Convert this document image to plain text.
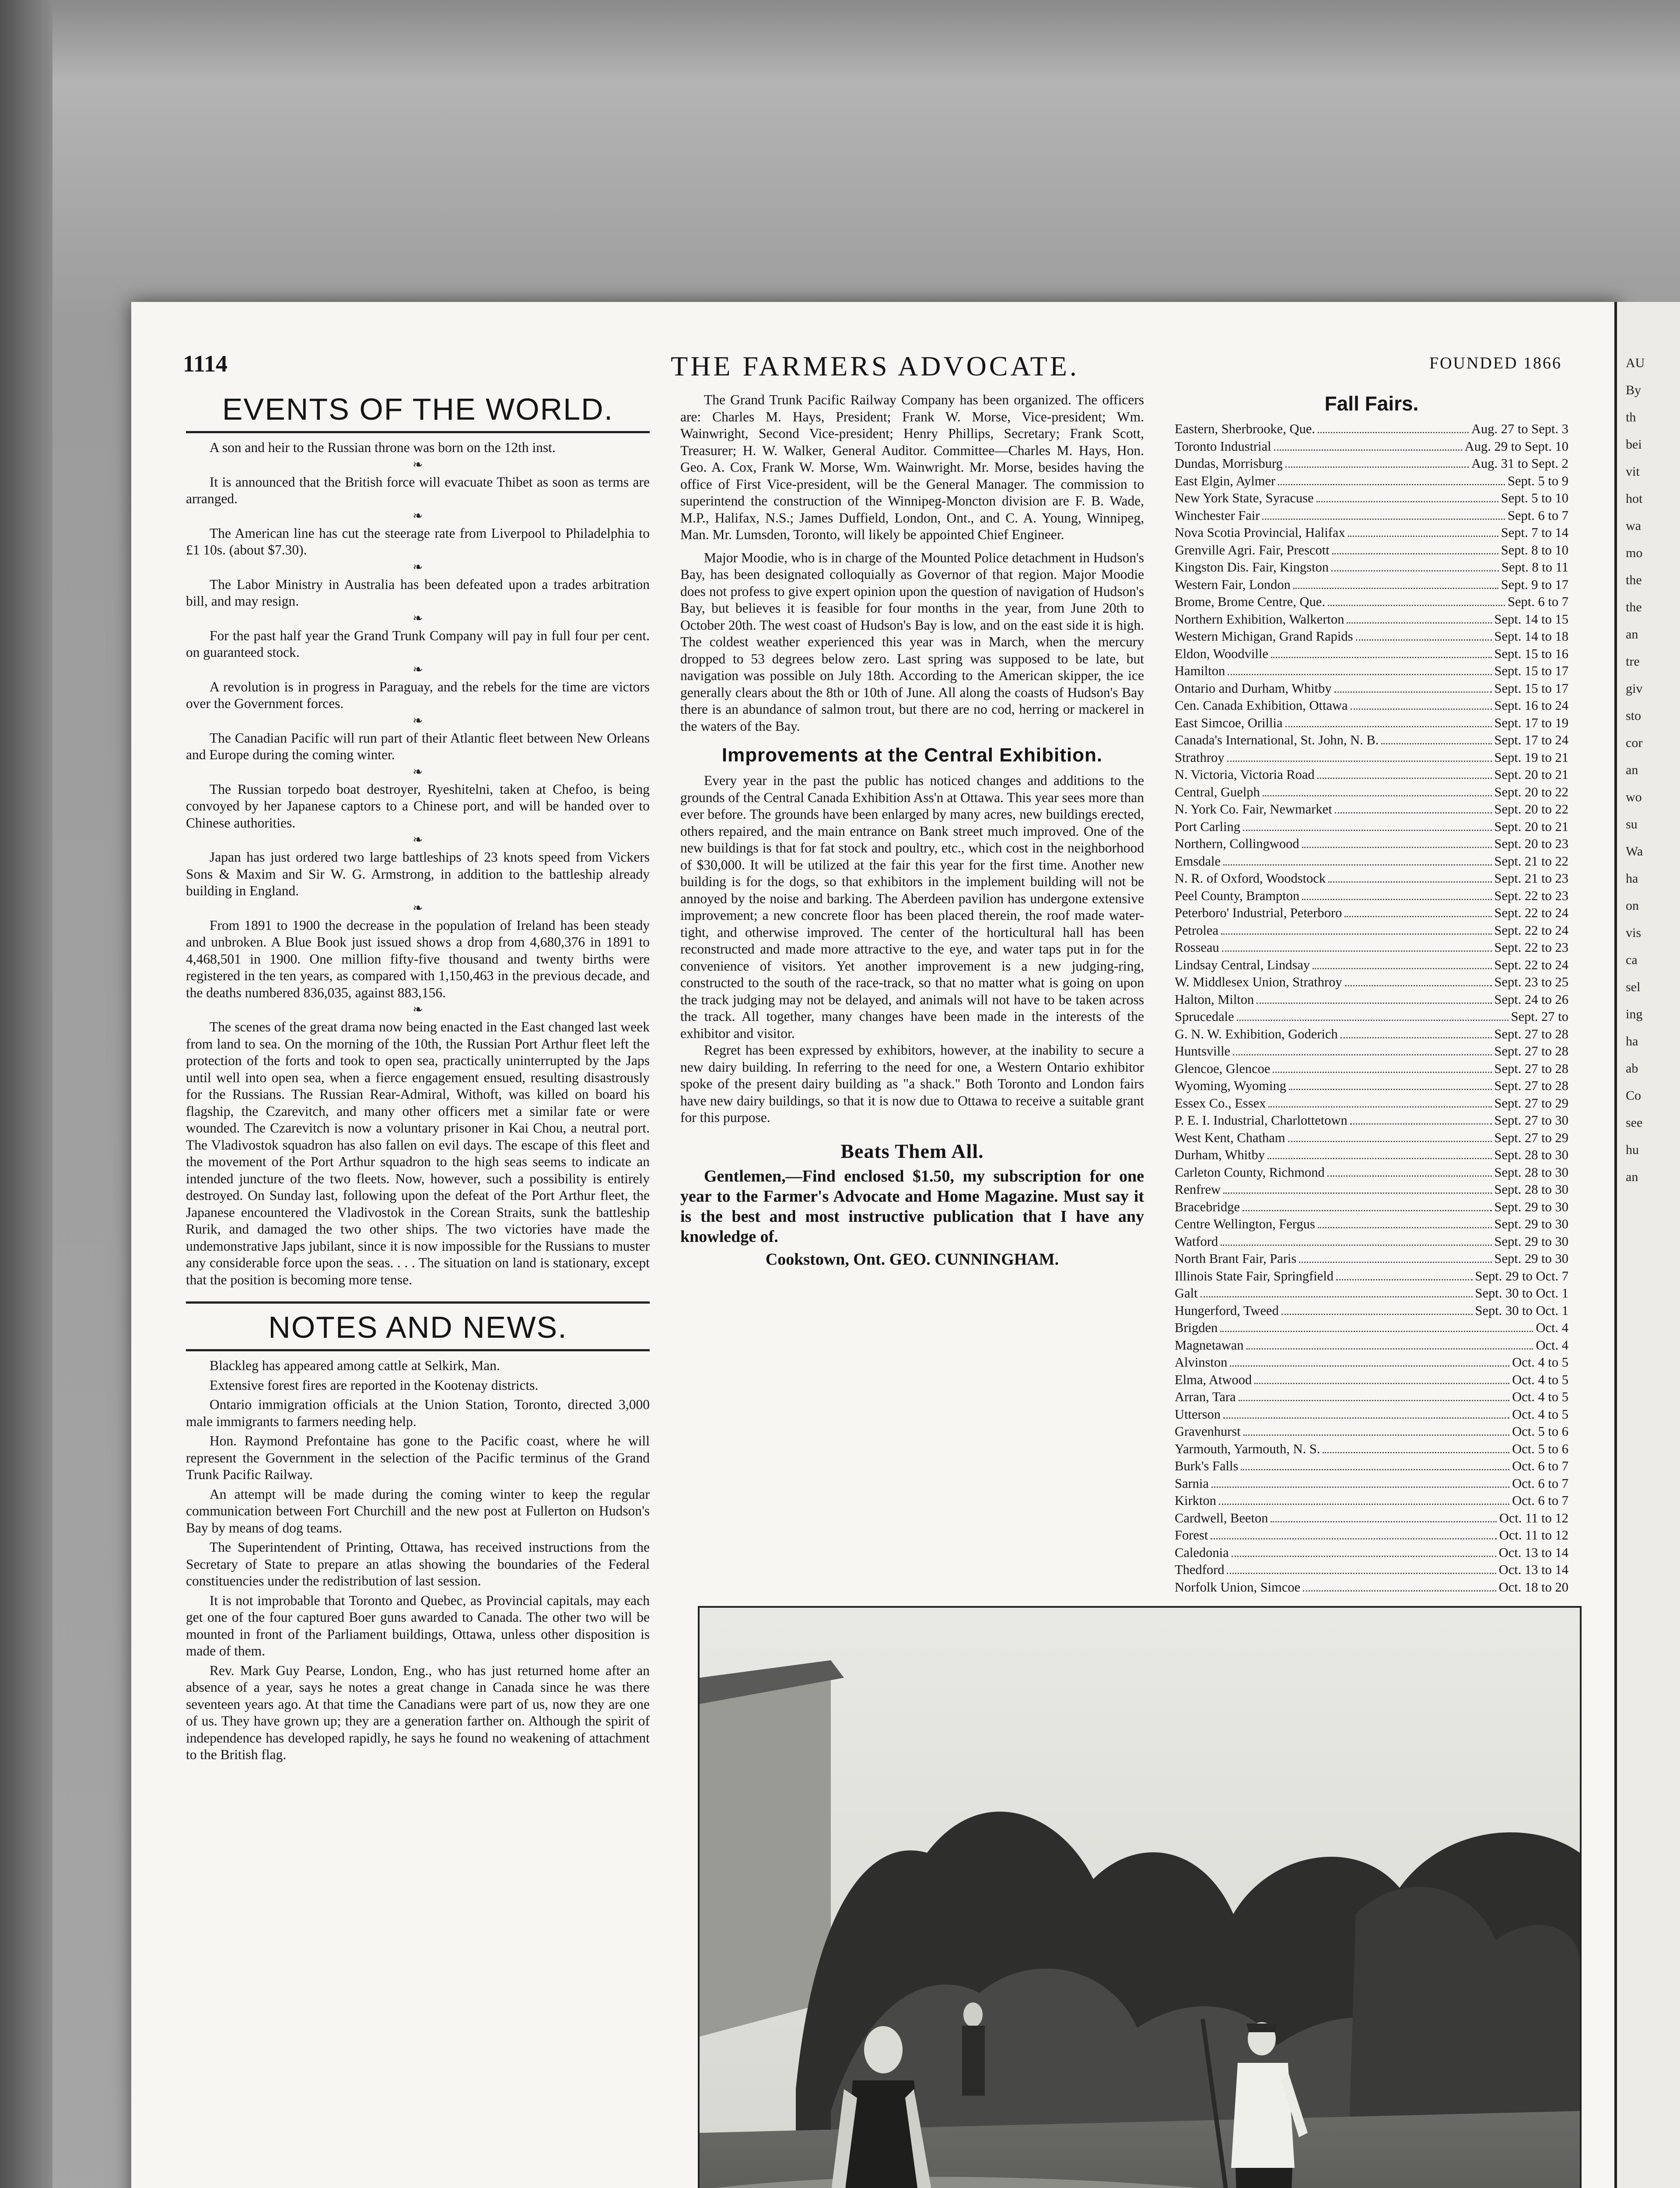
1114	THE FARMERS ADVOCATE.	FOUNDED 1866
EVENTS OF THE WORLD.

A son and heir to the Russian throne was born on the 12th inst.

❧

It is announced that the British force will evacuate Thibet as soon as terms are arranged.

❧

The American line has cut the steerage rate from Liverpool to Philadelphia to £1 10s. (about $7.30).

❧

The Labor Ministry in Australia has been defeated upon a trades arbitration bill, and may resign.

❧

For the past half year the Grand Trunk Company will pay in full four per cent. on guaranteed stock.

❧

A revolution is in progress in Paraguay, and the rebels for the time are victors over the Government forces.

❧

The Canadian Pacific will run part of their Atlantic fleet between New Orleans and Europe during the coming winter.

❧

The Russian torpedo boat destroyer, Ryeshitelni, taken at Chefoo, is being convoyed by her Japanese captors to a Chinese port, and will be handed over to Chinese authorities.

❧

Japan has just ordered two large battleships of 23 knots speed from Vickers Sons & Maxim and Sir W. G. Armstrong, in addition to the battleship already building in England.

❧

From 1891 to 1900 the decrease in the population of Ireland has been steady and unbroken. A Blue Book just issued shows a drop from 4,680,376 in 1891 to 4,468,501 in 1900. One million fifty-five thousand and twenty births were registered in the ten years, as compared with 1,150,463 in the previous decade, and the deaths numbered 836,035, against 883,156.

❧

The scenes of the great drama now being enacted in the East changed last week from land to sea. On the morning of the 10th, the Russian Port Arthur fleet left the protection of the forts and took to open sea, practically uninterrupted by the Japs until well into open sea, when a fierce engagement ensued, resulting disastrously for the Russians. The Russian Rear-Admiral, Withoft, was killed on board his flagship, the Czarevitch, and many other officers met a similar fate or were wounded. The Czarevitch is now a voluntary prisoner in Kai Chou, a neutral port. The Vladivostok squadron has also fallen on evil days. The escape of this fleet and the movement of the Port Arthur squadron to the high seas seems to indicate an intended juncture of the two fleets. Now, however, such a possibility is entirely destroyed. On Sunday last, following upon the defeat of the Port Arthur fleet, the Japanese encountered the Vladivostok in the Corean Straits, sunk the battleship Rurik, and damaged the two other ships. The two victories have made the undemonstrative Japs jubilant, since it is now impossible for the Russians to muster any considerable force upon the seas. . . . The situation on land is stationary, except that the position is becoming more tense.

NOTES AND NEWS.

Blackleg has appeared among cattle at Selkirk, Man.

Extensive forest fires are reported in the Kootenay districts.

Ontario immigration officials at the Union Station, Toronto, directed 3,000 male immigrants to farmers needing help.

Hon. Raymond Prefontaine has gone to the Pacific coast, where he will represent the Government in the selection of the Pacific terminus of the Grand Trunk Pacific Railway.

An attempt will be made during the coming winter to keep the regular communication between Fort Churchill and the new post at Fullerton on Hudson's Bay by means of dog teams.

The Superintendent of Printing, Ottawa, has received instructions from the Secretary of State to prepare an atlas showing the boundaries of the Federal constituencies under the redistribution of last session.

It is not improbable that Toronto and Quebec, as Provincial capitals, may each get one of the four captured Boer guns awarded to Canada. The other two will be mounted in front of the Parliament buildings, Ottawa, unless other disposition is made of them.

Rev. Mark Guy Pearse, London, Eng., who has just returned home after an absence of a year, says he notes a great change in Canada since he was there seventeen years ago. At that time the Canadians were part of us, now they are one of us. They have grown up; they are a generation farther on. Although the spirit of independence has developed rapidly, he says he found no weakening of attachment to the British flag.

The Grand Trunk Pacific Railway Company has been organized. The officers are: Charles M. Hays, President; Frank W. Morse, Vice-president; Wm. Wainwright, Second Vice-president; Henry Phillips, Secretary; Frank Scott, Treasurer; H. W. Walker, General Auditor. Committee—Charles M. Hays, Hon. Geo. A. Cox, Frank W. Morse, Wm. Wainwright. Mr. Morse, besides having the office of First Vice-president, will be the General Manager. The commission to superintend the construction of the Winnipeg-Moncton division are F. B. Wade, M.P., Halifax, N.S.; James Duffield, London, Ont., and C. A. Young, Winnipeg, Man. Mr. Lumsden, Toronto, will likely be appointed Chief Engineer.

Major Moodie, who is in charge of the Mounted Police detachment in Hudson's Bay, has been designated colloquially as Governor of that region. Major Moodie does not profess to give expert opinion upon the question of navigation of Hudson's Bay, but believes it is feasible for four months in the year, from June 20th to October 20th. The west coast of Hudson's Bay is low, and on the east side it is high. The coldest weather experienced this year was in March, when the mercury dropped to 53 degrees below zero. Last spring was supposed to be late, but navigation was possible on July 18th. According to the American skipper, the ice generally clears about the 8th or 10th of June. All along the coasts of Hudson's Bay there is an abundance of salmon trout, but there are no cod, herring or mackerel in the waters of the Bay.

Improvements at the Central Exhibition.

Every year in the past the public has noticed changes and additions to the grounds of the Central Canada Exhibition Ass'n at Ottawa. This year sees more than ever before. The grounds have been enlarged by many acres, new buildings erected, others repaired, and the main entrance on Bank street much improved. One of the new buildings is that for fat stock and poultry, etc., which cost in the neighborhood of $30,000. It will be utilized at the fair this year for the first time. Another new building is for the dogs, so that exhibitors in the implement building will not be annoyed by the noise and barking. The Aberdeen pavilion has undergone extensive improvement; a new concrete floor has been placed therein, the roof made water-tight, and otherwise improved. The center of the horticultural hall has been reconstructed and made more attractive to the eye, and water taps put in for the convenience of visitors. Yet another improvement is a new judging-ring, constructed to the south of the race-track, so that no matter what is going on upon the track judging may not be delayed, and animals will not have to be taken across the track. All together, many changes have been made in the interests of the exhibitor and visitor.

Regret has been expressed by exhibitors, however, at the inability to secure a new dairy building. In referring to the need for one, a Western Ontario exhibitor spoke of the present dairy building as "a shack." Both Toronto and London fairs have new dairy buildings, so that it is now due to Ottawa to receive a suitable grant for this purpose.

Beats Them All.

Gentlemen,—Find enclosed $1.50, my subscription for one year to the Farmer's Advocate and Home Magazine. Must say it is the best and most instructive publication that I have any knowledge of.

Cookstown, Ont. GEO. CUNNINGHAM.

Fall Fairs.
Eastern, Sherbrooke, Que.	Aug. 27 to Sept. 3
Toronto Industrial	Aug. 29 to Sept. 10
Dundas, Morrisburg	Aug. 31 to Sept. 2
East Elgin, Aylmer	Sept. 5 to 9
New York State, Syracuse	Sept. 5 to 10
Winchester Fair	Sept. 6 to 7
Nova Scotia Provincial, Halifax	Sept. 7 to 14
Grenville Agri. Fair, Prescott	Sept. 8 to 10
Kingston Dis. Fair, Kingston	Sept. 8 to 11
Western Fair, London	Sept. 9 to 17
Brome, Brome Centre, Que.	Sept. 6 to 7
Northern Exhibition, Walkerton	Sept. 14 to 15
Western Michigan, Grand Rapids	Sept. 14 to 18
Eldon, Woodville	Sept. 15 to 16
Hamilton	Sept. 15 to 17
Ontario and Durham, Whitby	Sept. 15 to 17
Cen. Canada Exhibition, Ottawa	Sept. 16 to 24
East Simcoe, Orillia	Sept. 17 to 19
Canada's International, St. John, N. B.	Sept. 17 to 24
Strathroy	Sept. 19 to 21
N. Victoria, Victoria Road	Sept. 20 to 21
Central, Guelph	Sept. 20 to 22
N. York Co. Fair, Newmarket	Sept. 20 to 22
Port Carling	Sept. 20 to 21
Northern, Collingwood	Sept. 20 to 23
Emsdale	Sept. 21 to 22
N. R. of Oxford, Woodstock	Sept. 21 to 23
Peel County, Brampton	Sept. 22 to 23
Peterboro' Industrial, Peterboro	Sept. 22 to 24
Petrolea	Sept. 22 to 24
Rosseau	Sept. 22 to 23
Lindsay Central, Lindsay	Sept. 22 to 24
W. Middlesex Union, Strathroy	Sept. 23 to 25
Halton, Milton	Sept. 24 to 26
Sprucedale	Sept. 27 to
G. N. W. Exhibition, Goderich	Sept. 27 to 28
Huntsville	Sept. 27 to 28
Glencoe, Glencoe	Sept. 27 to 28
Wyoming, Wyoming	Sept. 27 to 28
Essex Co., Essex	Sept. 27 to 29
P. E. I. Industrial, Charlottetown	Sept. 27 to 30
West Kent, Chatham	Sept. 27 to 29
Durham, Whitby	Sept. 28 to 30
Carleton County, Richmond	Sept. 28 to 30
Renfrew	Sept. 28 to 30
Bracebridge	Sept. 29 to 30
Centre Wellington, Fergus	Sept. 29 to 30
Watford	Sept. 29 to 30
North Brant Fair, Paris	Sept. 29 to 30
Illinois State Fair, Springfield	Sept. 29 to Oct. 7
Galt	Sept. 30 to Oct. 1
Hungerford, Tweed	Sept. 30 to Oct. 1
Brigden	Oct. 4
Magnetawan	Oct. 4
Alvinston	Oct. 4 to 5
Elma, Atwood	Oct. 4 to 5
Arran, Tara	Oct. 4 to 5
Utterson	Oct. 4 to 5
Gravenhurst	Oct. 5 to 6
Yarmouth, Yarmouth, N. S.	Oct. 5 to 6
Burk's Falls	Oct. 6 to 7
Sarnia	Oct. 6 to 7
Kirkton	Oct. 6 to 7
Cardwell, Beeton	Oct. 11 to 12
Forest	Oct. 11 to 12
Caledonia	Oct. 13 to 14
Thedford	Oct. 13 to 14
Norfolk Union, Simcoe	Oct. 18 to 20
AU
By
th
bei
vit
hot
wa
mo
the
the
an
tre
giv
sto
cor
an
wo
su
Wa
ha
on
vis
ca
sel
ing
ha
ab
Co
see
hu
an
